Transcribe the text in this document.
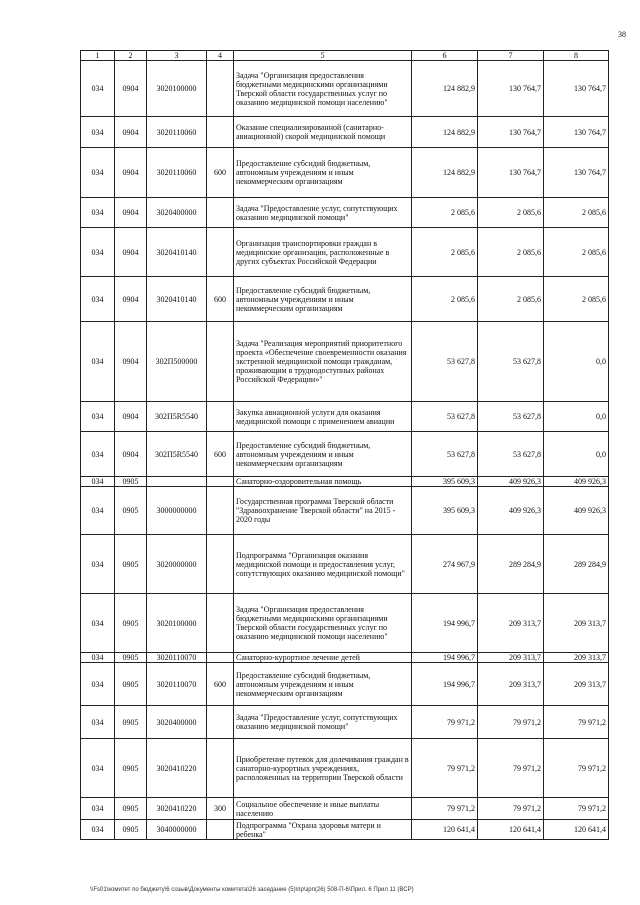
38
1	2	3	4	5	6	7	8
034	0904	3020100000		Задача "Организация предоставления бюджетными медицинскими организациями Тверской области государственных услуг по оказанию медицинской помощи населению"	124 882,9	130 764,7	130 764,7
034	0904	3020110060		Оказание специализированной (санитарно-авиационной) скорой медицинской помощи	124 882,9	130 764,7	130 764,7
034	0904	3020110060	600	Предоставление субсидий бюджетным, автономным учреждениям и иным некоммерческим организациям	124 882,9	130 764,7	130 764,7
034	0904	3020400000		Задача "Предоставление услуг, сопутствующих оказанию медицинской помощи"	2 085,6	2 085,6	2 085,6
034	0904	3020410140		Организация транспортировки граждан в медицинские организации, расположенные в других субъектах Российской Федерации	2 085,6	2 085,6	2 085,6
034	0904	3020410140	600	Предоставление субсидий бюджетным, автономным учреждениям и иным некоммерческим организациям	2 085,6	2 085,6	2 085,6
034	0904	302П500000		Задача "Реализация мероприятий приоритетного проекта «Обеспечение своевременности оказания экстренной медицинской помощи гражданам, проживающим в труднодоступных районах Российской Федерации»"	53 627,8	53 627,8	0,0
034	0904	302П5R5540		Закупка авиационной услуги для оказания медицинской помощи с применением авиации	53 627,8	53 627,8	0,0
034	0904	302П5R5540	600	Предоставление субсидий бюджетным, автономным учреждениям и иным некоммерческим организациям	53 627,8	53 627,8	0,0
034	0905			Санаторно-оздоровительная помощь	395 609,3	409 926,3	409 926,3
034	0905	3000000000		Государственная программа Тверской области "Здравоохранение Тверской области" на 2015 - 2020 годы	395 609,3	409 926,3	409 926,3
034	0905	3020000000		Подпрограмма "Организация оказания медицинской помощи и предоставления услуг, сопутствующих оказанию медицинской помощи"	274 967,9	289 284,9	289 284,9
034	0905	3020100000		Задача "Организация предоставления бюджетными медицинскими организациями Тверской области государственных услуг по оказанию медицинской помощи населению"	194 996,7	209 313,7	209 313,7
034	0905	3020110070		Санаторно-курортное лечение детей	194 996,7	209 313,7	209 313,7
034	0905	3020110070	600	Предоставление субсидий бюджетным, автономным учреждениям и иным некоммерческим организациям	194 996,7	209 313,7	209 313,7
034	0905	3020400000		Задача "Предоставление услуг, сопутствующих оказанию медицинской помощи"	79 971,2	79 971,2	79 971,2
034	0905	3020410220		Приобретение путевок для долечивания граждан в санаторно-курортных учреждениях, расположенных на территории Тверской области	79 971,2	79 971,2	79 971,2
034	0905	3020410220	300	Социальное обеспечение и иные выплаты населению	79 971,2	79 971,2	79 971,2
034	0905	3040000000		Подпрограмма "Охрана здоровья матери и ребенка"	120 641,4	120 641,4	120 641,4
\\Fs01\комитет по бюджету\6 созыв\Документы комитета\26 заседание (5)\пр\зрп(26) 508-П-6\Прил. 6 Прил 11 (ВСР)
